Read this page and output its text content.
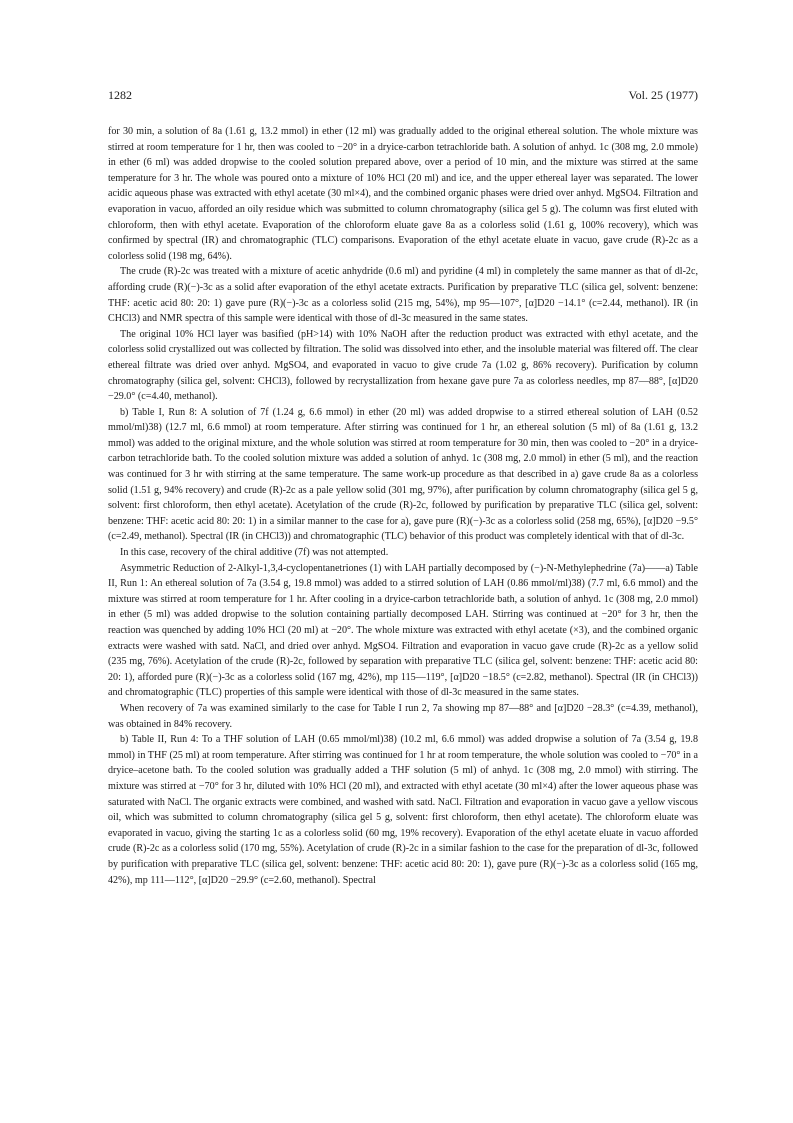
1282	Vol. 25 (1977)

for 30 min, a solution of 8a (1.61 g, 13.2 mmol) in ether (12 ml) was gradually added to the original ethereal solution. The whole mixture was stirred at room temperature for 1 hr, then was cooled to −20° in a dryice-carbon tetrachloride bath. A solution of anhyd. 1c (308 mg, 2.0 mmole) in ether (6 ml) was added dropwise to the cooled solution prepared above, over a period of 10 min, and the mixture was stirred at the same temperature for 3 hr. The whole was poured onto a mixture of 10% HCl (20 ml) and ice, and the upper ethereal layer was separated. The lower acidic aqueous phase was extracted with ethyl acetate (30 ml×4), and the combined organic phases were dried over anhyd. MgSO4. Filtration and evaporation in vacuo, afforded an oily residue which was submitted to column chromatography (silica gel 5 g). The column was first eluted with chloroform, then with ethyl acetate. Evaporation of the chloroform eluate gave 8a as a colorless solid (1.61 g, 100% recovery), which was confirmed by spectral (IR) and chromatographic (TLC) comparisons. Evaporation of the ethyl acetate eluate in vacuo, gave crude (R)-2c as a colorless solid (198 mg, 64%).

The crude (R)-2c was treated with a mixture of acetic anhydride (0.6 ml) and pyridine (4 ml) in completely the same manner as that of dl-2c, affording crude (R)(−)-3c as a solid after evaporation of the ethyl acetate extracts. Purification by preparative TLC (silica gel, solvent: benzene: THF: acetic acid 80: 20: 1) gave pure (R)(−)-3c as a colorless solid (215 mg, 54%), mp 95—107°, [α]D20 −14.1° (c=2.44, methanol). IR (in CHCl3) and NMR spectra of this sample were identical with those of dl-3c measured in the same states.

The original 10% HCl layer was basified (pH>14) with 10% NaOH after the reduction product was extracted with ethyl acetate, and the colorless solid crystallized out was collected by filtration. The solid was dissolved into ether, and the insoluble material was filtered off. The clear ethereal filtrate was dried over anhyd. MgSO4, and evaporated in vacuo to give crude 7a (1.02 g, 86% recovery). Purification by column chromatography (silica gel, solvent: CHCl3), followed by recrystallization from hexane gave pure 7a as colorless needles, mp 87—88°, [α]D20 −29.0° (c=4.40, methanol).

b) Table I, Run 8: A solution of 7f (1.24 g, 6.6 mmol) in ether (20 ml) was added dropwise to a stirred ethereal solution of LAH (0.52 mmol/ml)38) (12.7 ml, 6.6 mmol) at room temperature. After stirring was continued for 1 hr, an ethereal solution (5 ml) of 8a (1.61 g, 13.2 mmol) was added to the original mixture, and the whole solution was stirred at room temperature for 30 min, then was cooled to −20° in a dryice-carbon tetrachloride bath. To the cooled solution mixture was added a solution of anhyd. 1c (308 mg, 2.0 mmol) in ether (5 ml), and the reaction was continued for 3 hr with stirring at the same temperature. The same work-up procedure as that described in a) gave crude 8a as a colorless solid (1.51 g, 94% recovery) and crude (R)-2c as a pale yellow solid (301 mg, 97%), after purification by column chromatography (silica gel 5 g, solvent: first chloroform, then ethyl acetate). Acetylation of the crude (R)-2c, followed by purification by preparative TLC (silica gel, solvent: benzene: THF: acetic acid 80: 20: 1) in a similar manner to the case for a), gave pure (R)(−)-3c as a colorless solid (258 mg, 65%), [α]D20 −9.5° (c=2.49, methanol). Spectral (IR (in CHCl3)) and chromatographic (TLC) behavior of this product was completely identical with that of dl-3c.

In this case, recovery of the chiral additive (7f) was not attempted.

Asymmetric Reduction of 2-Alkyl-1,3,4-cyclopentanetriones (1) with LAH partially decomposed by (−)-N-Methylephedrine (7a)——a) Table II, Run 1: An ethereal solution of 7a (3.54 g, 19.8 mmol) was added to a stirred solution of LAH (0.86 mmol/ml)38) (7.7 ml, 6.6 mmol) and the mixture was stirred at room temperature for 1 hr. After cooling in a dryice-carbon tetrachloride bath, a solution of anhyd. 1c (308 mg, 2.0 mmol) in ether (5 ml) was added dropwise to the solution containing partially decomposed LAH. Stirring was continued at −20° for 3 hr, then the reaction was quenched by adding 10% HCl (20 ml) at −20°. The whole mixture was extracted with ethyl acetate (×3), and the combined organic extracts were washed with satd. NaCl, and dried over anhyd. MgSO4. Filtration and evaporation in vacuo gave crude (R)-2c as a yellow solid (235 mg, 76%). Acetylation of the crude (R)-2c, followed by separation with preparative TLC (silica gel, solvent: benzene: THF: acetic acid 80: 20: 1), afforded pure (R)(−)-3c as a colorless solid (167 mg, 42%), mp 115—119°, [α]D20 −18.5° (c=2.82, methanol). Spectral (IR (in CHCl3)) and chromatographic (TLC) properties of this sample were identical with those of dl-3c measured in the same states.

When recovery of 7a was examined similarly to the case for Table I run 2, 7a showing mp 87—88° and [α]D20 −28.3° (c=4.39, methanol), was obtained in 84% recovery.

b) Table II, Run 4: To a THF solution of LAH (0.65 mmol/ml)38) (10.2 ml, 6.6 mmol) was added dropwise a solution of 7a (3.54 g, 19.8 mmol) in THF (25 ml) at room temperature. After stirring was continued for 1 hr at room temperature, the whole solution was cooled to −70° in a dryice–acetone bath. To the cooled solution was gradually added a THF solution (5 ml) of anhyd. 1c (308 mg, 2.0 mmol) with stirring. The mixture was stirred at −70° for 3 hr, diluted with 10% HCl (20 ml), and extracted with ethyl acetate (30 ml×4) after the lower aqueous phase was saturated with NaCl. The organic extracts were combined, and washed with satd. NaCl. Filtration and evaporation in vacuo gave a yellow viscous oil, which was submitted to column chromatography (silica gel 5 g, solvent: first chloroform, then ethyl acetate). The chloroform eluate was evaporated in vacuo, giving the starting 1c as a colorless solid (60 mg, 19% recovery). Evaporation of the ethyl acetate eluate in vacuo afforded crude (R)-2c as a colorless solid (170 mg, 55%). Acetylation of crude (R)-2c in a similar fashion to the case for the preparation of dl-3c, followed by purification with preparative TLC (silica gel, solvent: benzene: THF: acetic acid 80: 20: 1), gave pure (R)(−)-3c as a colorless solid (165 mg, 42%), mp 111—112°, [α]D20 −29.9° (c=2.60, methanol). Spectral
